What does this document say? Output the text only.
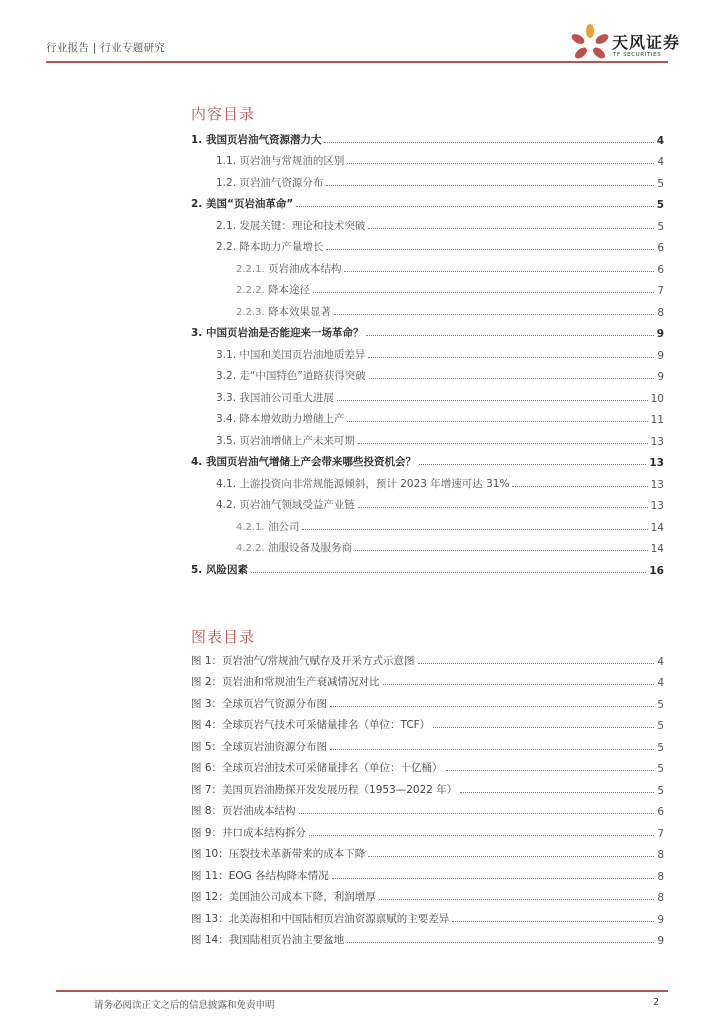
行业报告 | 行业专题研究	天风证券
TF SECURITIES
内容目录
1. 我国页岩油气资源潜力大	4
1.1. 页岩油与常规油的区别	4
1.2. 页岩油气资源分布	5
2. 美国“页岩油革命”	5
2.1. 发展关键：理论和技术突破	5
2.2. 降本助力产量增长	6
2.2.1. 页岩油成本结构	6
2.2.2. 降本途径	7
2.2.3. 降本效果显著	8
3. 中国页岩油是否能迎来一场革命？	9
3.1. 中国和美国页岩油地质差异	9
3.2. 走“中国特色”道路获得突破	9
3.3. 我国油公司重大进展	10
3.4. 降本增效助力增储上产	11
3.5. 页岩油增储上产未来可期	13
4. 我国页岩油气增储上产会带来哪些投资机会？	13
4.1. 上游投资向非常规能源倾斜，预计 2023 年增速可达 31%	13
4.2. 页岩油气领域受益产业链	13
4.2.1. 油公司	14
4.2.2. 油服设备及服务商	14
5. 风险因素	16
图表目录
图 1：页岩油气/常规油气赋存及开采方式示意图	4
图 2：页岩油和常规油生产衰减情况对比	4
图 3：全球页岩气资源分布图	5
图 4：全球页岩气技术可采储量排名（单位：TCF）	5
图 5：全球页岩油资源分布图	5
图 6：全球页岩油技术可采储量排名（单位：十亿桶）	5
图 7：美国页岩油勘探开发发展历程（1953—2022 年）	5
图 8：页岩油成本结构	6
图 9：井口成本结构拆分	7
图 10：压裂技术革新带来的成本下降	8
图 11：EOG 各结构降本情况	8
图 12：美国油公司成本下降，利润增厚	8
图 13：北美海相和中国陆相页岩油资源禀赋的主要差异	9
图 14：我国陆相页岩油主要盆地	9
请务必阅读正文之后的信息披露和免责申明	2
